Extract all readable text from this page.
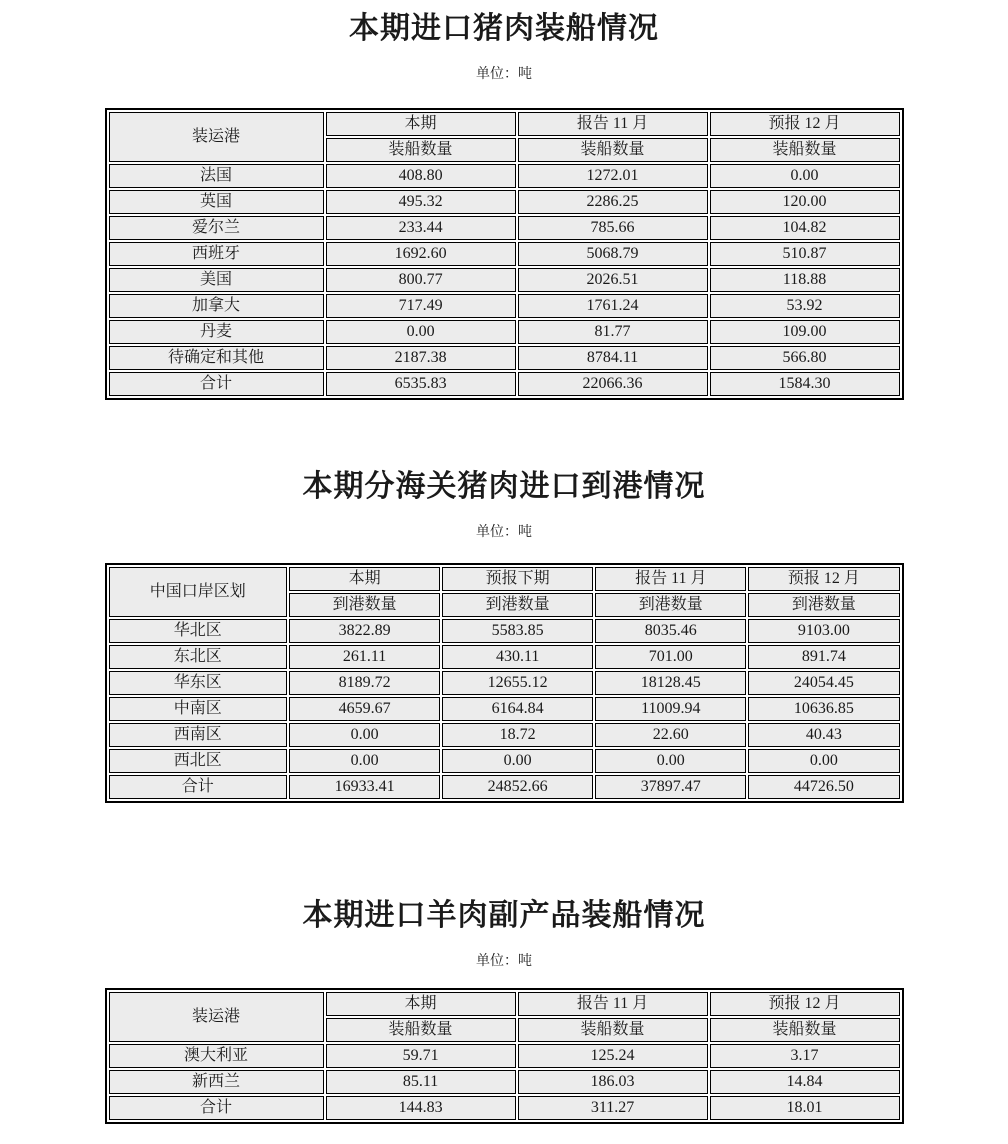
本期进口猪肉装船情况
单位：吨
装运港	本期	报告 11 月	预报 12 月
	装船数量	装船数量	装船数量
法国	408.80	1272.01	0.00
英国	495.32	2286.25	120.00
爱尔兰	233.44	785.66	104.82
西班牙	1692.60	5068.79	510.87
美国	800.77	2026.51	118.88
加拿大	717.49	1761.24	53.92
丹麦	0.00	81.77	109.00
待确定和其他	2187.38	8784.11	566.80
合计	6535.83	22066.36	1584.30
本期分海关猪肉进口到港情况
单位：吨
中国口岸区划	本期	预报下期	报告 11 月	预报 12 月
	到港数量	到港数量	到港数量	到港数量
华北区	3822.89	5583.85	8035.46	9103.00
东北区	261.11	430.11	701.00	891.74
华东区	8189.72	12655.12	18128.45	24054.45
中南区	4659.67	6164.84	11009.94	10636.85
西南区	0.00	18.72	22.60	40.43
西北区	0.00	0.00	0.00	0.00
合计	16933.41	24852.66	37897.47	44726.50
本期进口羊肉副产品装船情况
单位：吨
装运港	本期	报告 11 月	预报 12 月
	装船数量	装船数量	装船数量
澳大利亚	59.71	125.24	3.17
新西兰	85.11	186.03	14.84
合计	144.83	311.27	18.01
